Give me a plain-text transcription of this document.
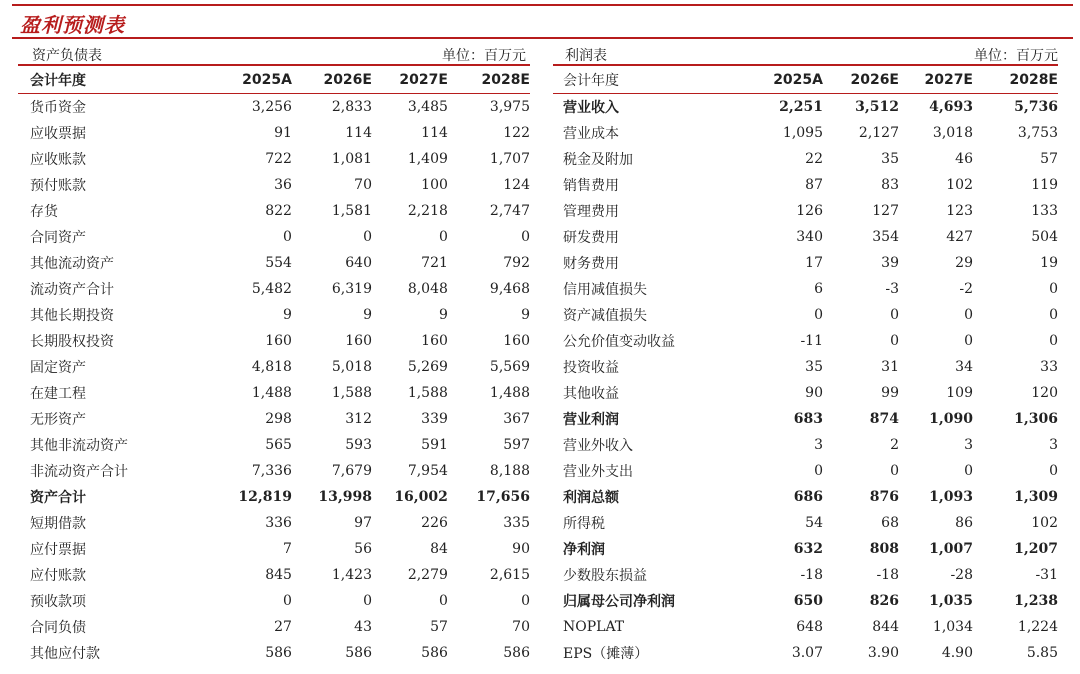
盈利预测表
资产负债表	单位：百万元
会计年度	2025A	2026E	2027E	2028E
货币资金	3,256	2,833	3,485	3,975
应收票据	91	114	114	122
应收账款	722	1,081	1,409	1,707
预付账款	36	70	100	124
存货	822	1,581	2,218	2,747
合同资产	0	0	0	0
其他流动资产	554	640	721	792
流动资产合计	5,482	6,319	8,048	9,468
其他长期投资	9	9	9	9
长期股权投资	160	160	160	160
固定资产	4,818	5,018	5,269	5,569
在建工程	1,488	1,588	1,588	1,488
无形资产	298	312	339	367
其他非流动资产	565	593	591	597
非流动资产合计	7,336	7,679	7,954	8,188
资产合计	12,819	13,998	16,002	17,656
短期借款	336	97	226	335
应付票据	7	56	84	90
应付账款	845	1,423	2,279	2,615
预收款项	0	0	0	0
合同负债	27	43	57	70
其他应付款	586	586	586	586
利润表	单位：百万元
会计年度	2025A	2026E	2027E	2028E
营业收入	2,251	3,512	4,693	5,736
营业成本	1,095	2,127	3,018	3,753
税金及附加	22	35	46	57
销售费用	87	83	102	119
管理费用	126	127	123	133
研发费用	340	354	427	504
财务费用	17	39	29	19
信用减值损失	6	-3	-2	0
资产减值损失	0	0	0	0
公允价值变动收益	-11	0	0	0
投资收益	35	31	34	33
其他收益	90	99	109	120
营业利润	683	874	1,090	1,306
营业外收入	3	2	3	3
营业外支出	0	0	0	0
利润总额	686	876	1,093	1,309
所得税	54	68	86	102
净利润	632	808	1,007	1,207
少数股东损益	-18	-18	-28	-31
归属母公司净利润	650	826	1,035	1,238
NOPLAT	648	844	1,034	1,224
EPS（摊薄）	3.07	3.90	4.90	5.85
